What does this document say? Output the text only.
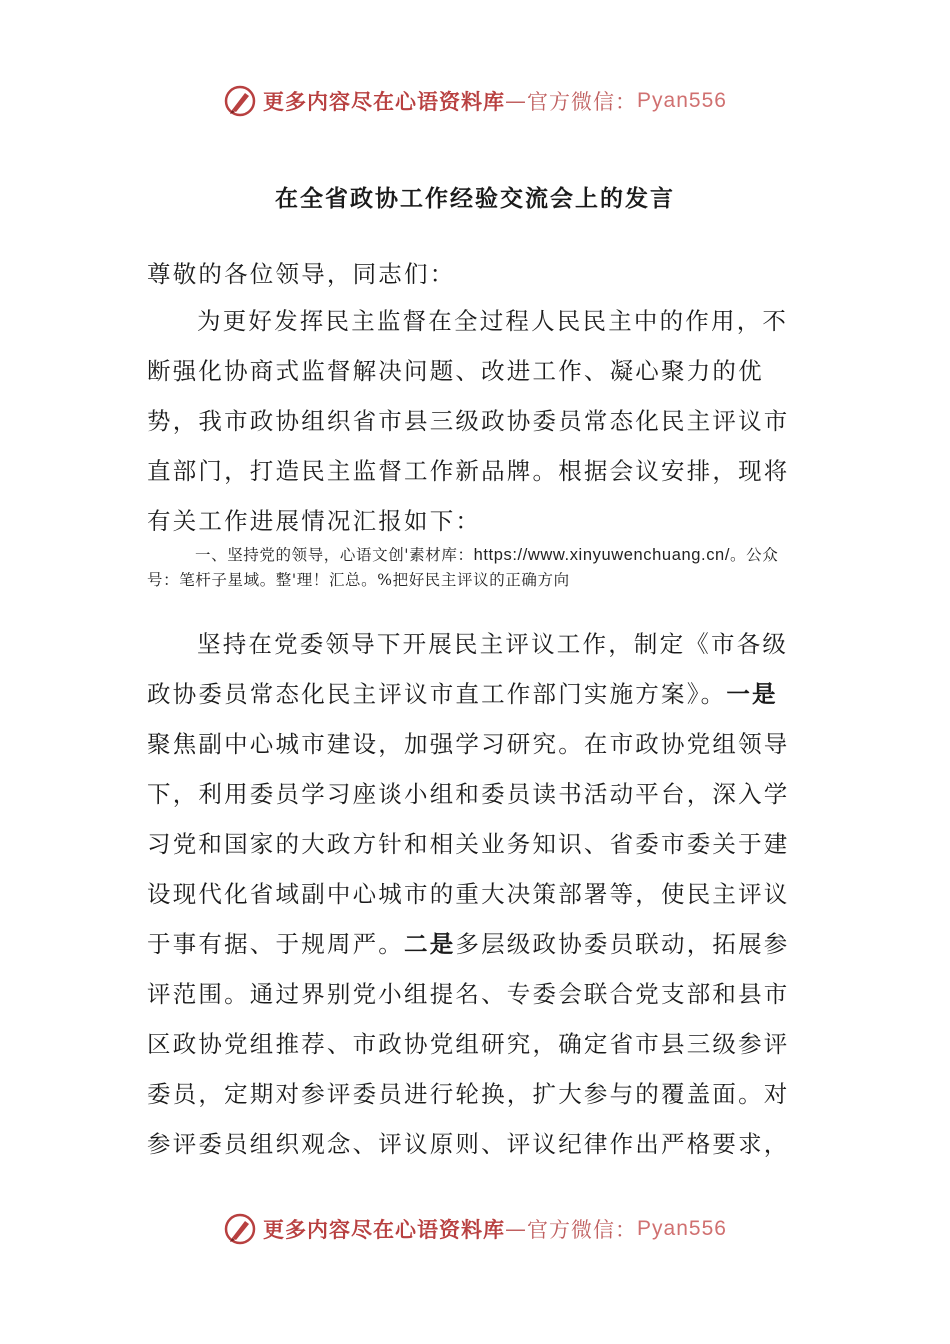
更多内容尽在心语资料库 — 官方微信： Pyan556
在全省政协工作经验交流会上的发言

尊敬的各位领导，同志们：

为更好发挥民主监督在全过程人民民主中的作用，不断强化协商式监督解决问题、改进工作、凝心聚力的优势，我市政协组织省市县三级政协委员常态化民主评议市直部门，打造民主监督工作新品牌。根据会议安排，现将有关工作进展情况汇报如下：

一、坚持党的领导，心语文创'素材库：https://www.xinyuwenchuang.cn/。公众号：笔杆子星域。整'理！汇总。%把好民主评议的正确方向

坚持在党委领导下开展民主评议工作，制定《市各级政协委员常态化民主评议市直工作部门实施方案》。一是聚焦副中心城市建设，加强学习研究。在市政协党组领导下，利用委员学习座谈小组和委员读书活动平台，深入学习党和国家的大政方针和相关业务知识、省委市委关于建设现代化省域副中心城市的重大决策部署等，使民主评议于事有据、于规周严。二是多层级政协委员联动，拓展参评范围。通过界别党小组提名、专委会联合党支部和县市区政协党组推荐、市政协党组研究，确定省市县三级参评委员，定期对参评委员进行轮换，扩大参与的覆盖面。对参评委员组织观念、评议原则、评议纪律作出严格要求，

更多内容尽在心语资料库 — 官方微信： Pyan556
